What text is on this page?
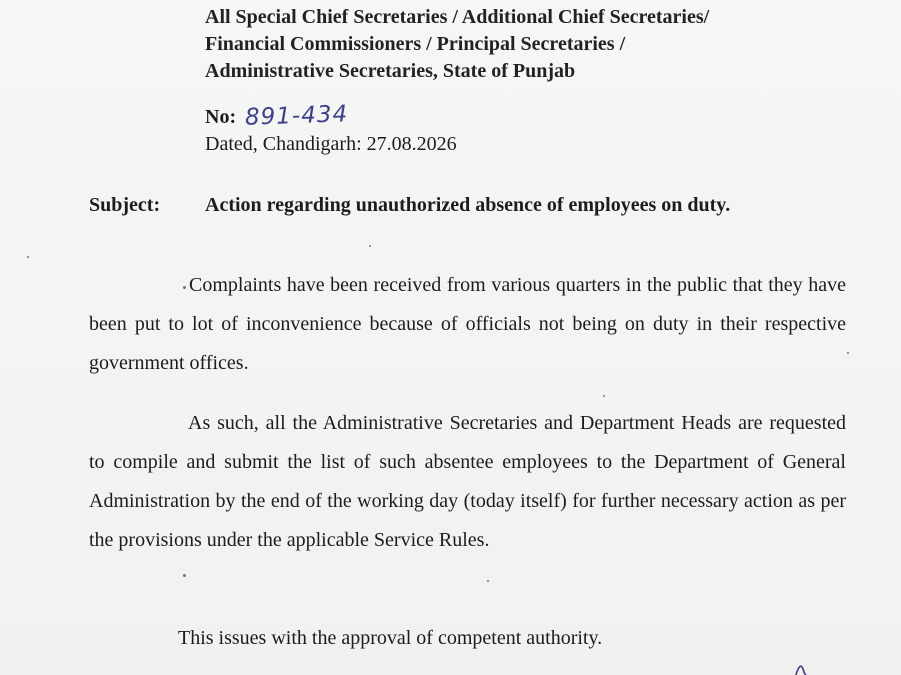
All Special Chief Secretaries / Additional Chief Secretaries/
Financial Commissioners / Principal Secretaries /
Administrative Secretaries, State of Punjab
No: 891-434
Dated, Chandigarh: 27.08.2026
Subject: Action regarding unauthorized absence of employees on duty.
Complaints have been received from various quarters in the public that they have been put to lot of inconvenience because of officials not being on duty in their respective government offices.
As such, all the Administrative Secretaries and Department Heads are requested to compile and submit the list of such absentee employees to the Department of General Administration by the end of the working day (today itself) for further necessary action as per the provisions under the applicable Service Rules.
This issues with the approval of competent authority.
